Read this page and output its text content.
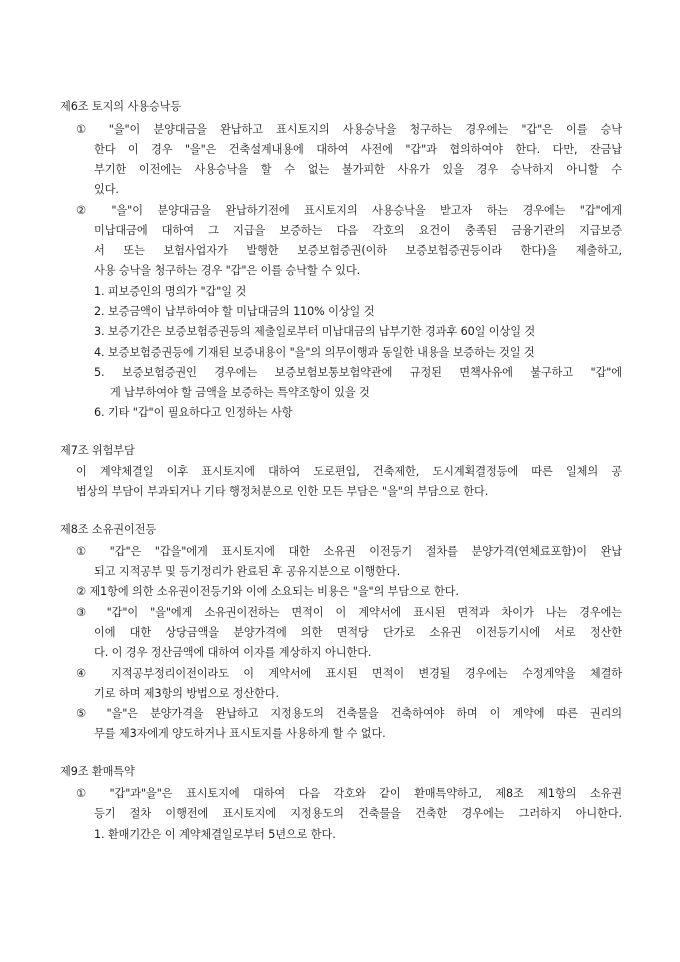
제6조 토지의 사용승낙등
① "을"이 분양대금을 완납하고 표시토지의 사용승낙을 청구하는 경우에는 "갑"은 이를 승낙
한다 이 경우 "을"은 건축설계내용에 대하여 사전에 "갑"과 협의하여야 한다. 다만, 잔금납
부기한 이전에는 사용승낙을 할 수 없는 불가피한 사유가 있을 경우 승낙하지 아니할 수
있다.
② "을"이 분양대금을 완납하기전에 표시토지의 사용승낙을 받고자 하는 경우에는 "갑"에게
미납대금에 대하여 그 지급을 보증하는 다음 각호의 요건이 충족된 금융기관의 지급보증
서 또는 보험사업자가 발행한 보증보험증권(이하 보증보험증권등이라 한다)을 제출하고,
사용 승낙을 청구하는 경우 "갑"은 이를 승낙할 수 있다.
1. 피보증인의 명의가 "갑"일 것
2. 보증금액이 납부하여야 할 미납대금의 110% 이상일 것
3. 보증기간은 보증보험증권등의 제출일로부터 미납대금의 납부기한 경과후 60일 이상일 것
4. 보증보험증권등에 기재된 보증내용이 "을"의 의무이행과 동일한 내용을 보증하는 것일 것
5. 보증보험증권인 경우에는 보증보험보통보험약관에 규정된 면책사유에 불구하고 "갑"에
게 납부하여야 할 금액을 보증하는 특약조항이 있을 것
6. 기타 "갑"이 필요하다고 인정하는 사항
제7조 위험부담
이 계약체결일 이후 표시토지에 대하여 도로편입, 건축제한, 도시계획결정등에 따른 일체의 공
법상의 부담이 부과되거나 기타 행정처분으로 인한 모든 부담은 "을"의 부담으로 한다.
제8조 소유권이전등
① "갑"은 "갑을"에게 표시토지에 대한 소유권 이전등기 절차를 분양가격(연체료포함)이 완납
되고 지적공부 및 등기정리가 완료된 후 공유지분으로 이행한다.
② 제1항에 의한 소유권이전등기와 이에 소요되는 비용은 "을"의 부담으로 한다.
③ "갑"이 "을"에게 소유권이전하는 면적이 이 계약서에 표시된 면적과 차이가 나는 경우에는
이에 대한 상당금액을 분양가격에 의한 면적당 단가로 소유권 이전등기시에 서로 정산한
다. 이 경우 정산금액에 대하여 이자를 계상하지 아니한다.
④ 지적공부정리이전이라도 이 계약서에 표시된 면적이 변경될 경우에는 수정계약을 체결하
기로 하며 제3항의 방법으로 정산한다.
⑤ "을"은 분양가격을 완납하고 지정용도의 건축물을 건축하여야 하며 이 계약에 따른 권리의
무를 제3자에게 양도하거나 표시토지를 사용하게 할 수 없다.
제9조 환매특약
① "갑"과"을"은 표시토지에 대하여 다음 각호와 같이 환매특약하고, 제8조 제1항의 소유권
등기 절차 이행전에 표시토지에 지정용도의 건축물을 건축한 경우에는 그러하지 아니한다.
1. 환매기간은 이 계약체결일로부터 5년으로 한다.
